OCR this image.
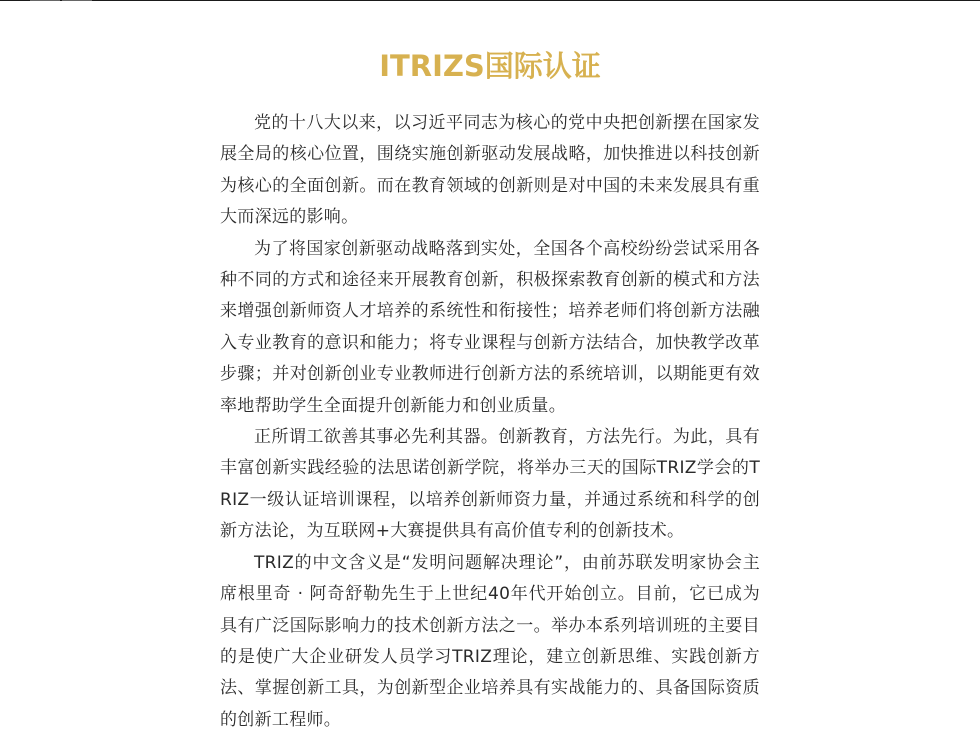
ITRIZS国际认证

党的十八大以来，以习近平同志为核心的党中央把创新摆在国家发展全局的核心位置，围绕实施创新驱动发展战略，加快推进以科技创新为核心的全面创新。而在教育领域的创新则是对中国的未来发展具有重大而深远的影响。

为了将国家创新驱动战略落到实处，全国各个高校纷纷尝试采用各种不同的方式和途径来开展教育创新，积极探索教育创新的模式和方法来增强创新师资人才培养的系统性和衔接性；培养老师们将创新方法融入专业教育的意识和能力；将专业课程与创新方法结合，加快教学改革步骤；并对创新创业专业教师进行创新方法的系统培训，以期能更有效率地帮助学生全面提升创新能力和创业质量。

正所谓工欲善其事必先利其器。创新教育，方法先行。为此，具有丰富创新实践经验的法思诺创新学院，将举办三天的国际TRIZ学会的TRIZ一级认证培训课程，以培养创新师资力量，并通过系统和科学的创新方法论，为互联网+大赛提供具有高价值专利的创新技术。

TRIZ的中文含义是“发明问题解决理论”，由前苏联发明家协会主席根里奇 · 阿奇舒勒先生于上世纪40年代开始创立。目前，它已成为具有广泛国际影响力的技术创新方法之一。举办本系列培训班的主要目的是使广大企业研发人员学习TRIZ理论，建立创新思维、实践创新方法、掌握创新工具，为创新型企业培养具有实战能力的、具备国际资质的创新工程师。
